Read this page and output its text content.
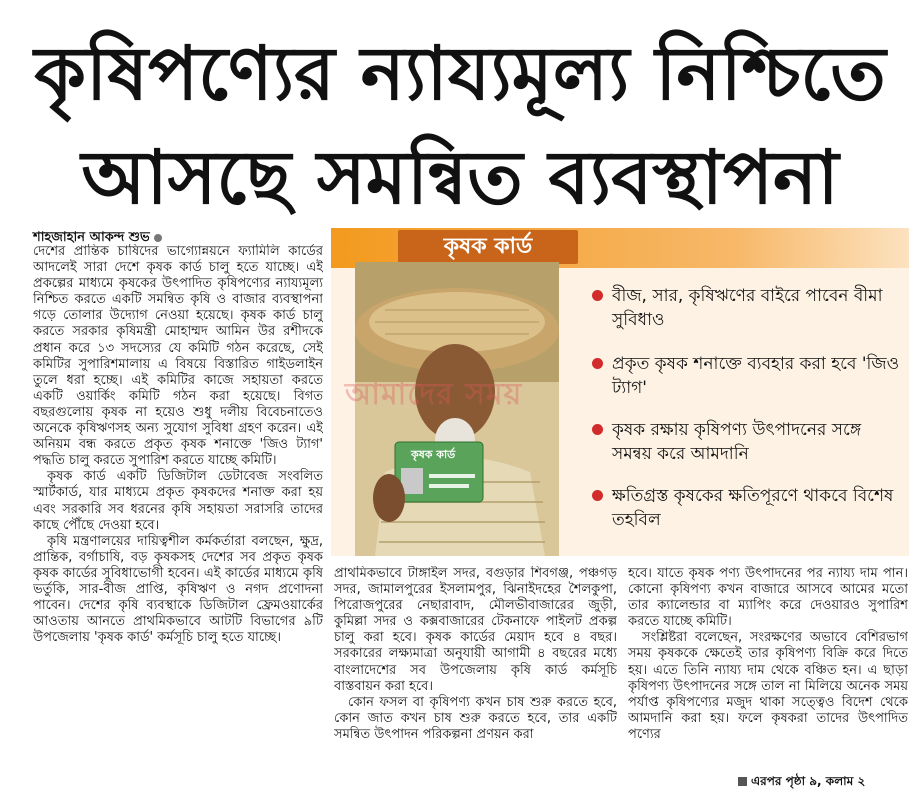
কৃষিপণ্যের ন্যায্যমূল্য নিশ্চিতে
আসছে সমন্বিত ব্যবস্থাপনা
শাহজাহান আকন্দ শুভ

দেশের প্রান্তিক চাষিদের ভাগ্যোন্নয়নে ফ্যামিলি কার্ডের আদলেই সারা দেশে কৃষক কার্ড চালু হতে যাচ্ছে। এই প্রকল্পের মাধ্যমে কৃষকের উৎপাদিত কৃষিপণ্যের ন্যায্যমূল্য নিশ্চিত করতে একটি সমন্বিত কৃষি ও বাজার ব্যবস্থাপনা গড়ে তোলার উদ্যোগ নেওয়া হয়েছে। কৃষক কার্ড চালু করতে সরকার কৃষিমন্ত্রী মোহাম্মদ আমিন উর রশীদকে প্রধান করে ১৩ সদস্যের যে কমিটি গঠন করেছে, সেই কমিটির সুপারিশমালায় এ বিষয়ে বিস্তারিত গাইডলাইন তুলে ধরা হচ্ছে। এই কমিটির কাজে সহায়তা করতে একটি ওয়ার্কিং কমিটি গঠন করা হয়েছে। বিগত বছরগুলোয় কৃষক না হয়েও শুধু দলীয় বিবেচনাতেও অনেকে কৃষিঋণসহ অন্য সুযোগ সুবিধা গ্রহণ করেন। এই অনিয়ম বন্ধ করতে প্রকৃত কৃষক শনাক্তে 'জিও ট্যাগ' পদ্ধতি চালু করতে সুপারিশ করতে যাচ্ছে কমিটি।

কৃষক কার্ড একটি ডিজিটাল ডেটাবেজ সংবলিত স্মার্টকার্ড, যার মাধ্যমে প্রকৃত কৃষকদের শনাক্ত করা হয় এবং সরকারি সব ধরনের কৃষি সহায়তা সরাসরি তাদের কাছে পৌঁছে দেওয়া হবে।

কৃষি মন্ত্রণালয়ের দায়িত্বশীল কর্মকর্তারা বলছেন, ক্ষুদ্র, প্রান্তিক, বর্গাচাষি, বড় কৃষকসহ দেশের সব প্রকৃত কৃষক কৃষক কার্ডের সুবিধাভোগী হবেন। এই কার্ডের মাধ্যমে কৃষি ভর্তুকি, সার-বীজ প্রাপ্তি, কৃষিঋণ ও নগদ প্রণোদনা পাবেন। দেশের কৃষি ব্যবস্থাকে ডিজিটাল ফ্রেমওয়ার্কের আওতায় আনতে প্রাথমিকভাবে আটটি বিভাগের ৯টি উপজেলায় 'কৃষক কার্ড' কর্মসূচি চালু হতে যাচ্ছে।

কৃষক কার্ড
কৃষক কার্ড
আমাদের সময়
বীজ, সার, কৃষিঋণের বাইরে পাবেন বীমা সুবিধাও
প্রকৃত কৃষক শনাক্তে ব্যবহার করা হবে 'জিও ট্যাগ'
কৃষক রক্ষায় কৃষিপণ্য উৎপাদনের সঙ্গে সমন্বয় করে আমদানি
ক্ষতিগ্রস্ত কৃষকের ক্ষতিপূরণে থাকবে বিশেষ তহবিল

প্রাথমিকভাবে টাঙ্গাইল সদর, বগুড়ার শিবগঞ্জ, পঞ্চগড় সদর, জামালপুরের ইসলামপুর, ঝিনাইদহের শৈলকুপা, পিরোজপুরের নেছারাবাদ, মৌলভীবাজারের জুড়ী, কুমিল্লা সদর ও কক্সবাজারের টেকনাফে পাইলট প্রকল্প চালু করা হবে। কৃষক কার্ডের মেয়াদ হবে ৪ বছর। সরকারের লক্ষ্যমাত্রা অনুযায়ী আগামী ৪ বছরের মধ্যে বাংলাদেশের সব উপজেলায় কৃষি কার্ড কর্মসূচি বাস্তবায়ন করা হবে।

কোন ফসল বা কৃষিপণ্য কখন চাষ শুরু করতে হবে, কোন জাত কখন চাষ শুরু করতে হবে, তার একটি সমন্বিত উৎপাদন পরিকল্পনা প্রণয়ন করা

হবে। যাতে কৃষক পণ্য উৎপাদনের পর ন্যায্য দাম পান। কোনো কৃষিপণ্য কখন বাজারে আসবে আমের মতো তার ক্যালেন্ডার বা ম্যাপিং করে দেওয়ারও সুপারিশ করতে যাচ্ছে কমিটি।

সংশ্লিষ্টরা বলেছেন, সংরক্ষণের অভাবে বেশিরভাগ সময় কৃষককে ক্ষেতেই তার কৃষিপণ্য বিক্রি করে দিতে হয়। এতে তিনি ন্যায্য দাম থেকে বঞ্চিত হন। এ ছাড়া কৃষিপণ্য উৎপাদনের সঙ্গে তাল না মিলিয়ে অনেক সময় পর্যাপ্ত কৃষিপণ্যের মজুদ থাকা সত্ত্বেও বিদেশ থেকে আমদানি করা হয়। ফলে কৃষকরা তাদের উৎপাদিত পণ্যের

এরপর পৃষ্ঠা ৯, কলাম ২
